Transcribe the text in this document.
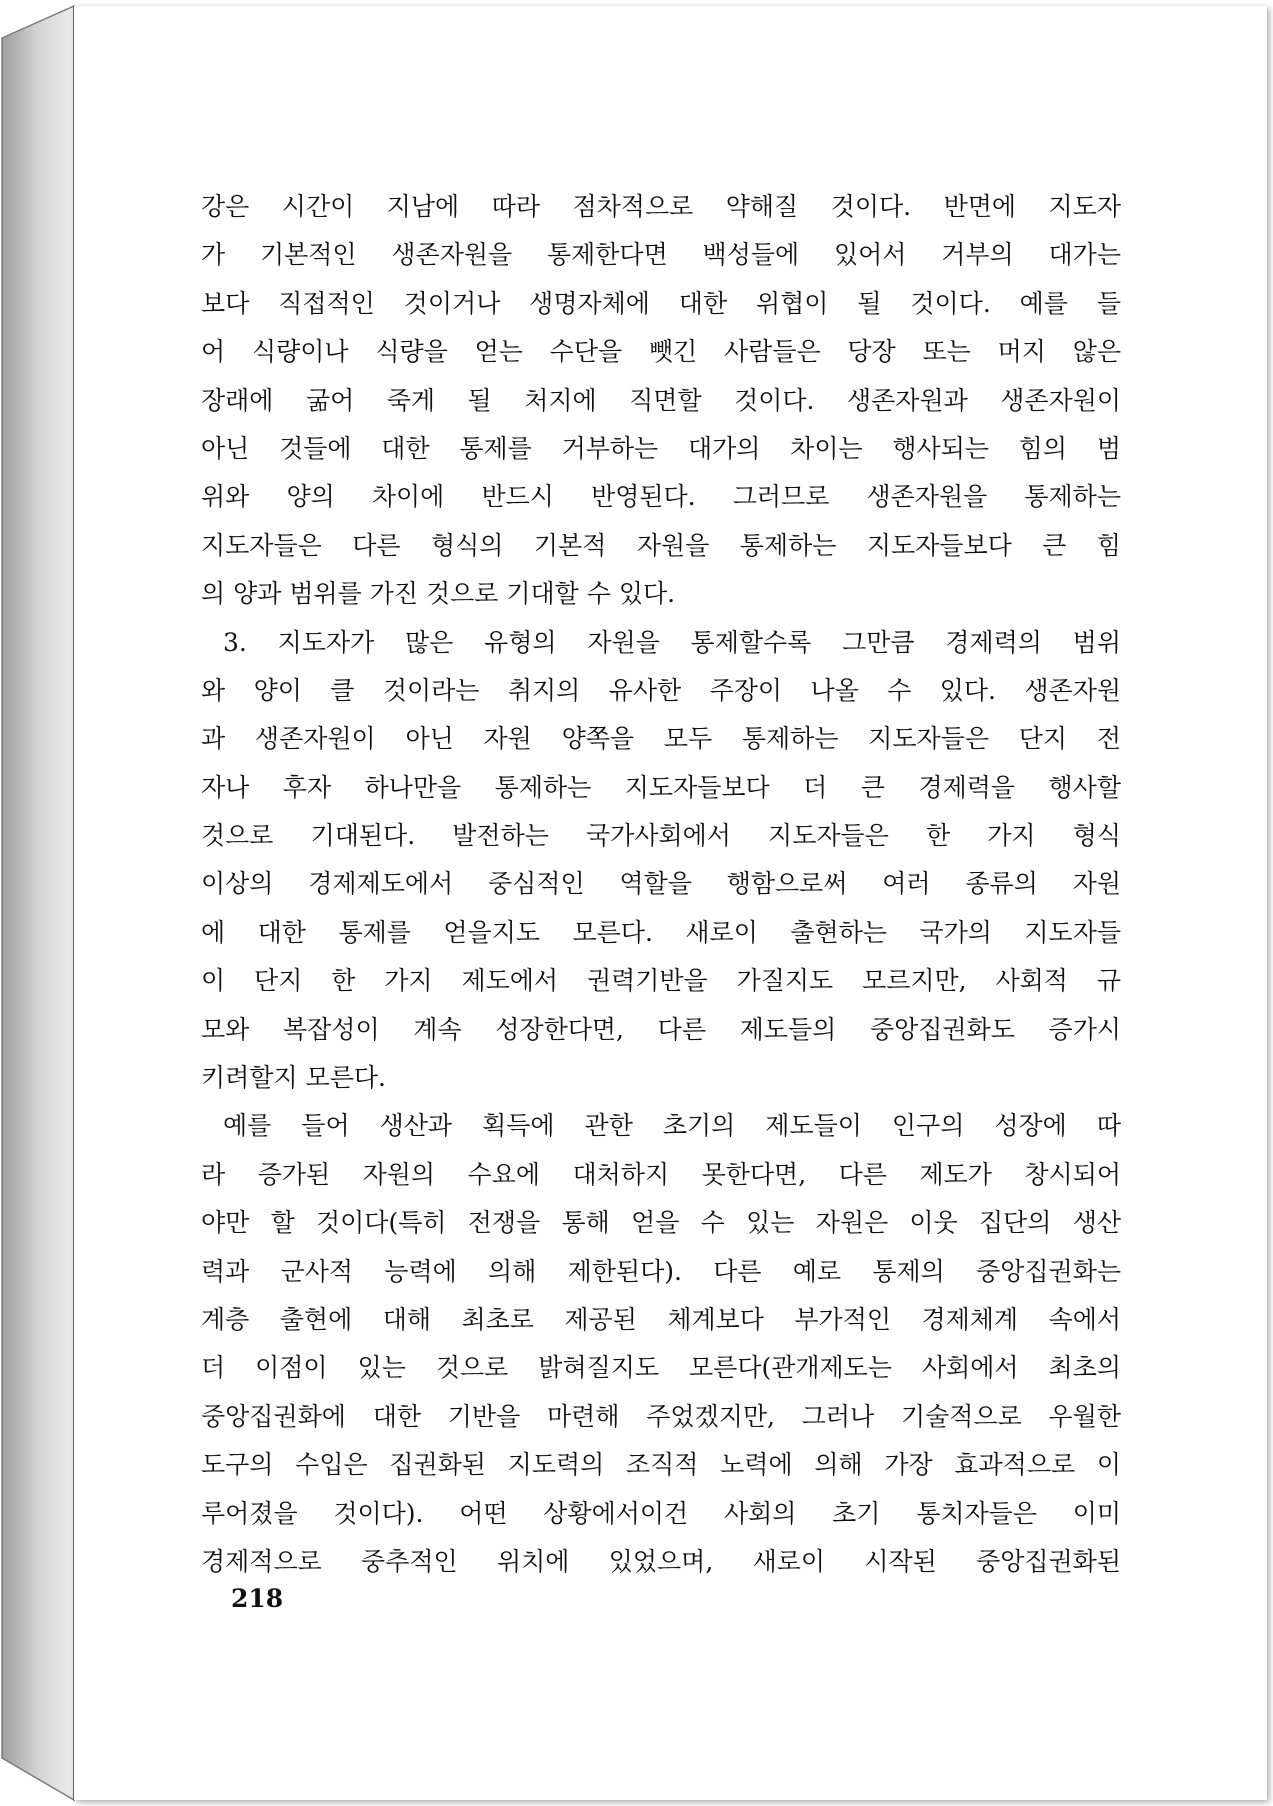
강은 시간이 지남에 따라 점차적으로 약해질 것이다. 반면에 지도자
가 기본적인 생존자원을 통제한다면 백성들에 있어서 거부의 대가는
보다 직접적인 것이거나 생명자체에 대한 위협이 될 것이다. 예를 들
어 식량이나 식량을 얻는 수단을 뺏긴 사람들은 당장 또는 머지 않은
장래에 굶어 죽게 될 처지에 직면할 것이다. 생존자원과 생존자원이
아닌 것들에 대한 통제를 거부하는 대가의 차이는 행사되는 힘의 범
위와 양의 차이에 반드시 반영된다. 그러므로 생존자원을 통제하는
지도자들은 다른 형식의 기본적 자원을 통제하는 지도자들보다 큰 힘
의 양과 범위를 가진 것으로 기대할 수 있다.
3. 지도자가 많은 유형의 자원을 통제할수록 그만큼 경제력의 범위
와 양이 클 것이라는 취지의 유사한 주장이 나올 수 있다. 생존자원
과 생존자원이 아닌 자원 양쪽을 모두 통제하는 지도자들은 단지 전
자나 후자 하나만을 통제하는 지도자들보다 더 큰 경제력을 행사할
것으로 기대된다. 발전하는 국가사회에서 지도자들은 한 가지 형식
이상의 경제제도에서 중심적인 역할을 행함으로써 여러 종류의 자원
에 대한 통제를 얻을지도 모른다. 새로이 출현하는 국가의 지도자들
이 단지 한 가지 제도에서 권력기반을 가질지도 모르지만, 사회적 규
모와 복잡성이 계속 성장한다면, 다른 제도들의 중앙집권화도 증가시
키려할지 모른다.
예를 들어 생산과 획득에 관한 초기의 제도들이 인구의 성장에 따
라 증가된 자원의 수요에 대처하지 못한다면, 다른 제도가 창시되어
야만 할 것이다(특히 전쟁을 통해 얻을 수 있는 자원은 이웃 집단의 생산
력과 군사적 능력에 의해 제한된다). 다른 예로 통제의 중앙집권화는
계층 출현에 대해 최초로 제공된 체계보다 부가적인 경제체계 속에서
더 이점이 있는 것으로 밝혀질지도 모른다(관개제도는 사회에서 최초의
중앙집권화에 대한 기반을 마련해 주었겠지만, 그러나 기술적으로 우월한
도구의 수입은 집권화된 지도력의 조직적 노력에 의해 가장 효과적으로 이
루어졌을 것이다). 어떤 상황에서이건 사회의 초기 통치자들은 이미
경제적으로 중추적인 위치에 있었으며, 새로이 시작된 중앙집권화된
218
